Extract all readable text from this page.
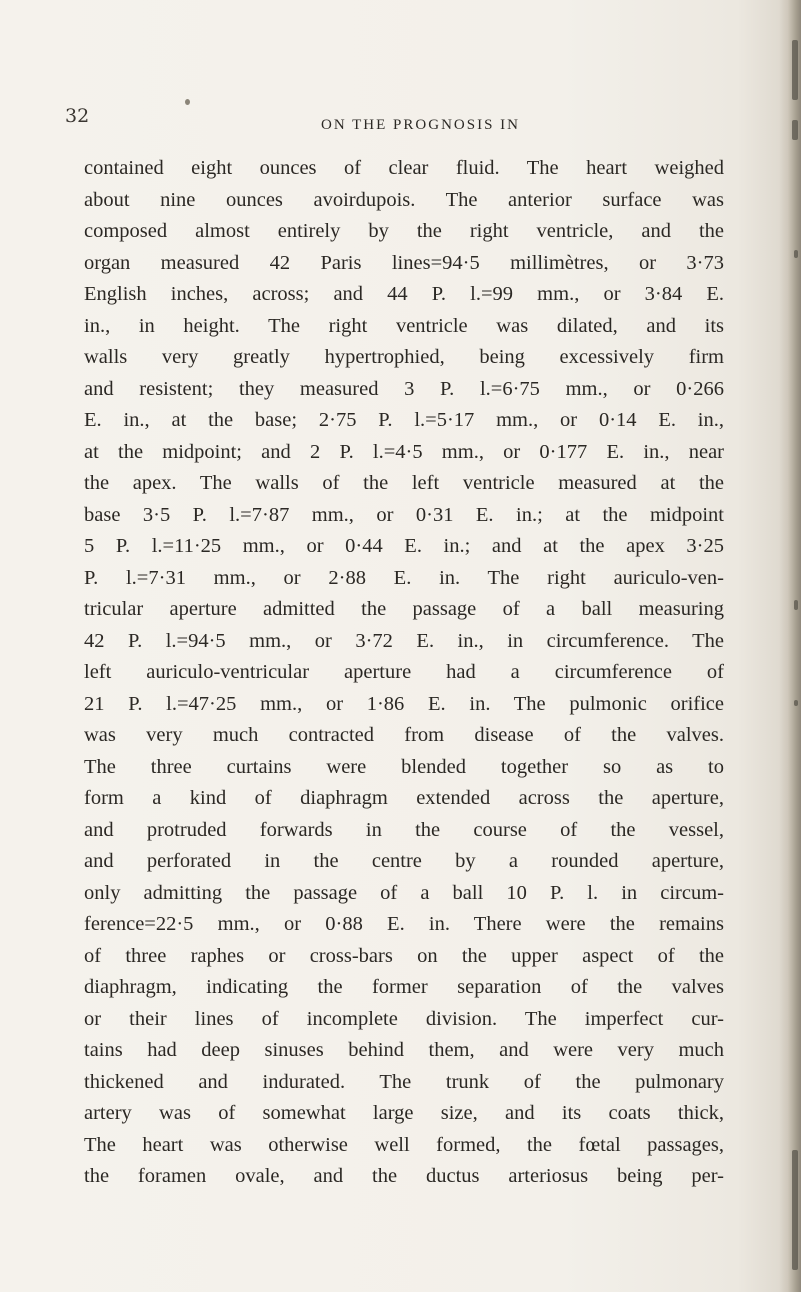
32	ON THE PROGNOSIS IN
contained eight ounces of clear fluid. The heart weighed
about nine ounces avoirdupois. The anterior surface was
composed almost entirely by the right ventricle, and the
organ measured 42 Paris lines=94·5 millimètres, or 3·73
English inches, across; and 44 P. l.=99 mm., or 3·84 E.
in., in height. The right ventricle was dilated, and its
walls very greatly hypertrophied, being excessively firm
and resistent; they measured 3 P. l.=6·75 mm., or 0·266
E. in., at the base; 2·75 P. l.=5·17 mm., or 0·14 E. in.,
at the midpoint; and 2 P. l.=4·5 mm., or 0·177 E. in., near
the apex. The walls of the left ventricle measured at the
base 3·5 P. l.=7·87 mm., or 0·31 E. in.; at the midpoint
5 P. l.=11·25 mm., or 0·44 E. in.; and at the apex 3·25
P. l.=7·31 mm., or 2·88 E. in. The right auriculo-ven-
tricular aperture admitted the passage of a ball measuring
42 P. l.=94·5 mm., or 3·72 E. in., in circumference. The
left auriculo-ventricular aperture had a circumference of
21 P. l.=47·25 mm., or 1·86 E. in. The pulmonic orifice
was very much contracted from disease of the valves.
The three curtains were blended together so as to
form a kind of diaphragm extended across the aperture,
and protruded forwards in the course of the vessel,
and perforated in the centre by a rounded aperture,
only admitting the passage of a ball 10 P. l. in circum-
ference=22·5 mm., or 0·88 E. in. There were the remains
of three raphes or cross-bars on the upper aspect of the
diaphragm, indicating the former separation of the valves
or their lines of incomplete division. The imperfect cur-
tains had deep sinuses behind them, and were very much
thickened and indurated. The trunk of the pulmonary
artery was of somewhat large size, and its coats thick,
The heart was otherwise well formed, the fœtal passages,
the foramen ovale, and the ductus arteriosus being per-
